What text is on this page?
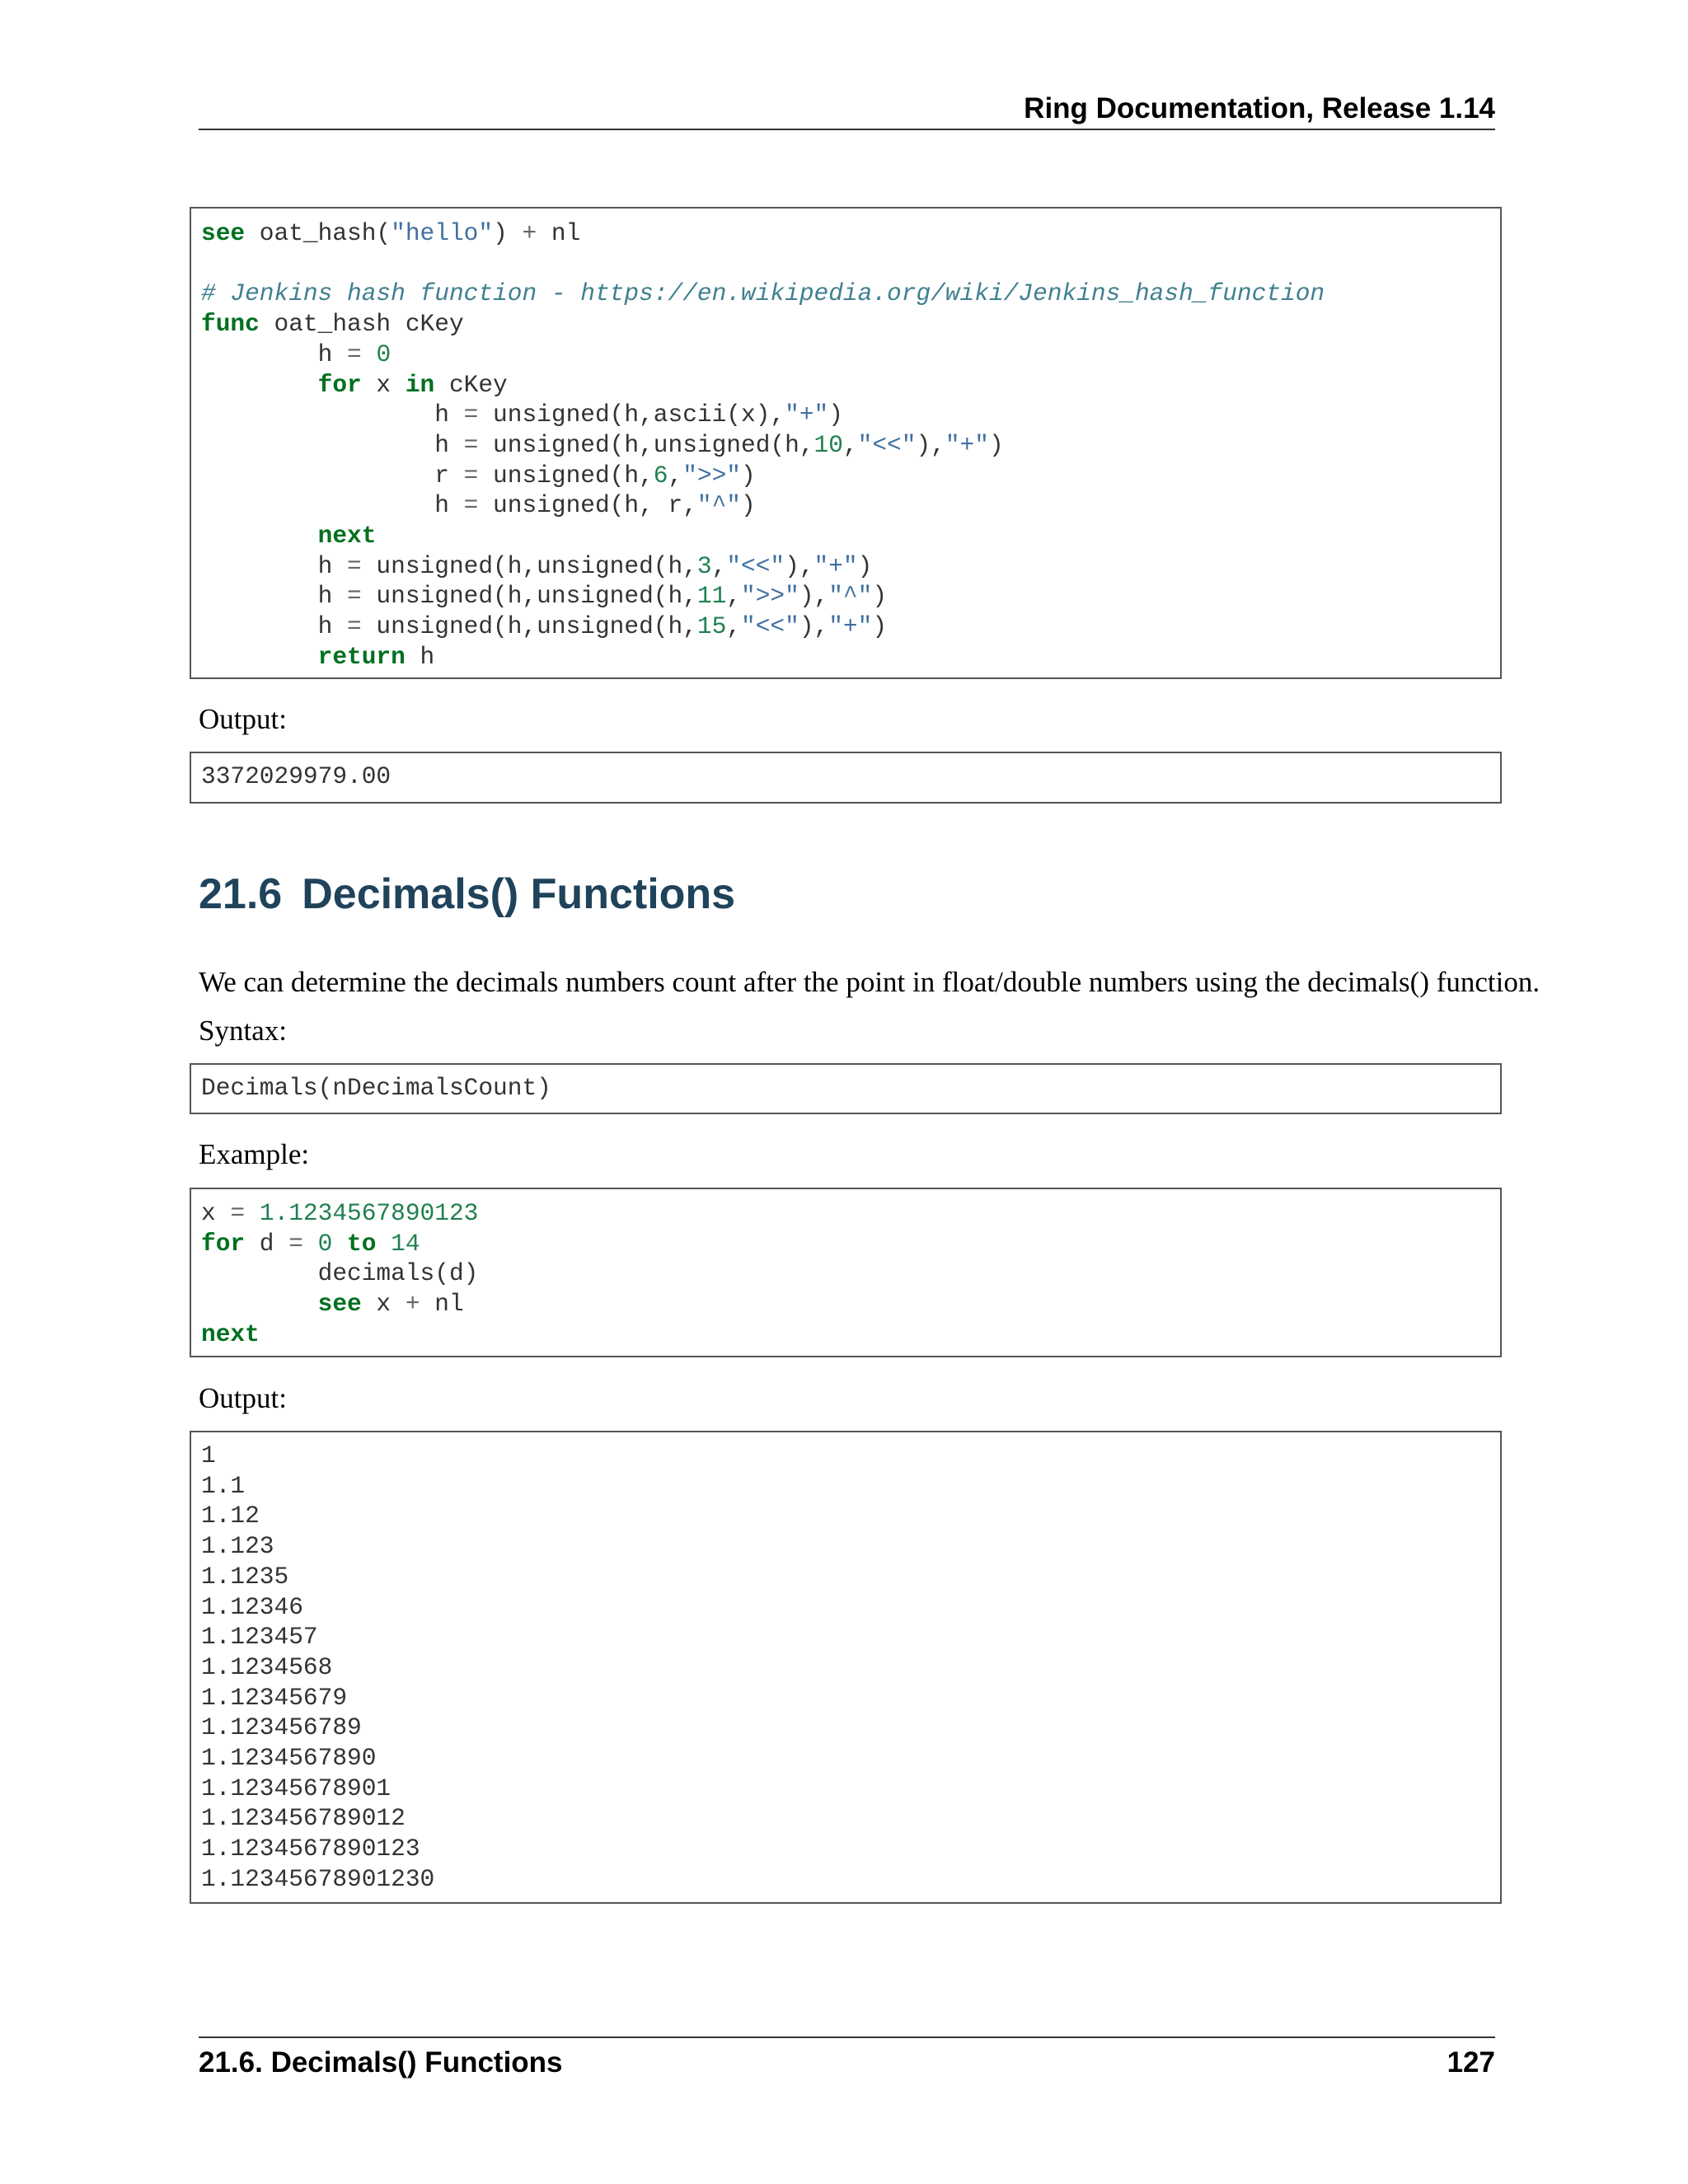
Ring Documentation, Release 1.14
see oat_hash("hello") + nl

# Jenkins hash function - https://en.wikipedia.org/wiki/Jenkins_hash_function
func oat_hash cKey
h = 0
for x in cKey
h = unsigned(h,ascii(x),"+")
h = unsigned(h,unsigned(h,10,"<<"),"+")
r = unsigned(h,6,">>")
h = unsigned(h, r,"^")
next
h = unsigned(h,unsigned(h,3,"<<"),"+")
h = unsigned(h,unsigned(h,11,">>"),"^")
h = unsigned(h,unsigned(h,15,"<<"),"+")
return h
Output:
3372029979.00
21.6 Decimals() Functions
We can determine the decimals numbers count after the point in float/double numbers using the decimals() function.
Syntax:
Decimals(nDecimalsCount)
Example:
x = 1.1234567890123
for d = 0 to 14
decimals(d)
see x + nl
next
Output:
1
1.1
1.12
1.123
1.1235
1.12346
1.123457
1.1234568
1.12345679
1.123456789
1.1234567890
1.12345678901
1.123456789012
1.1234567890123
1.12345678901230
21.6. Decimals() Functions	127
